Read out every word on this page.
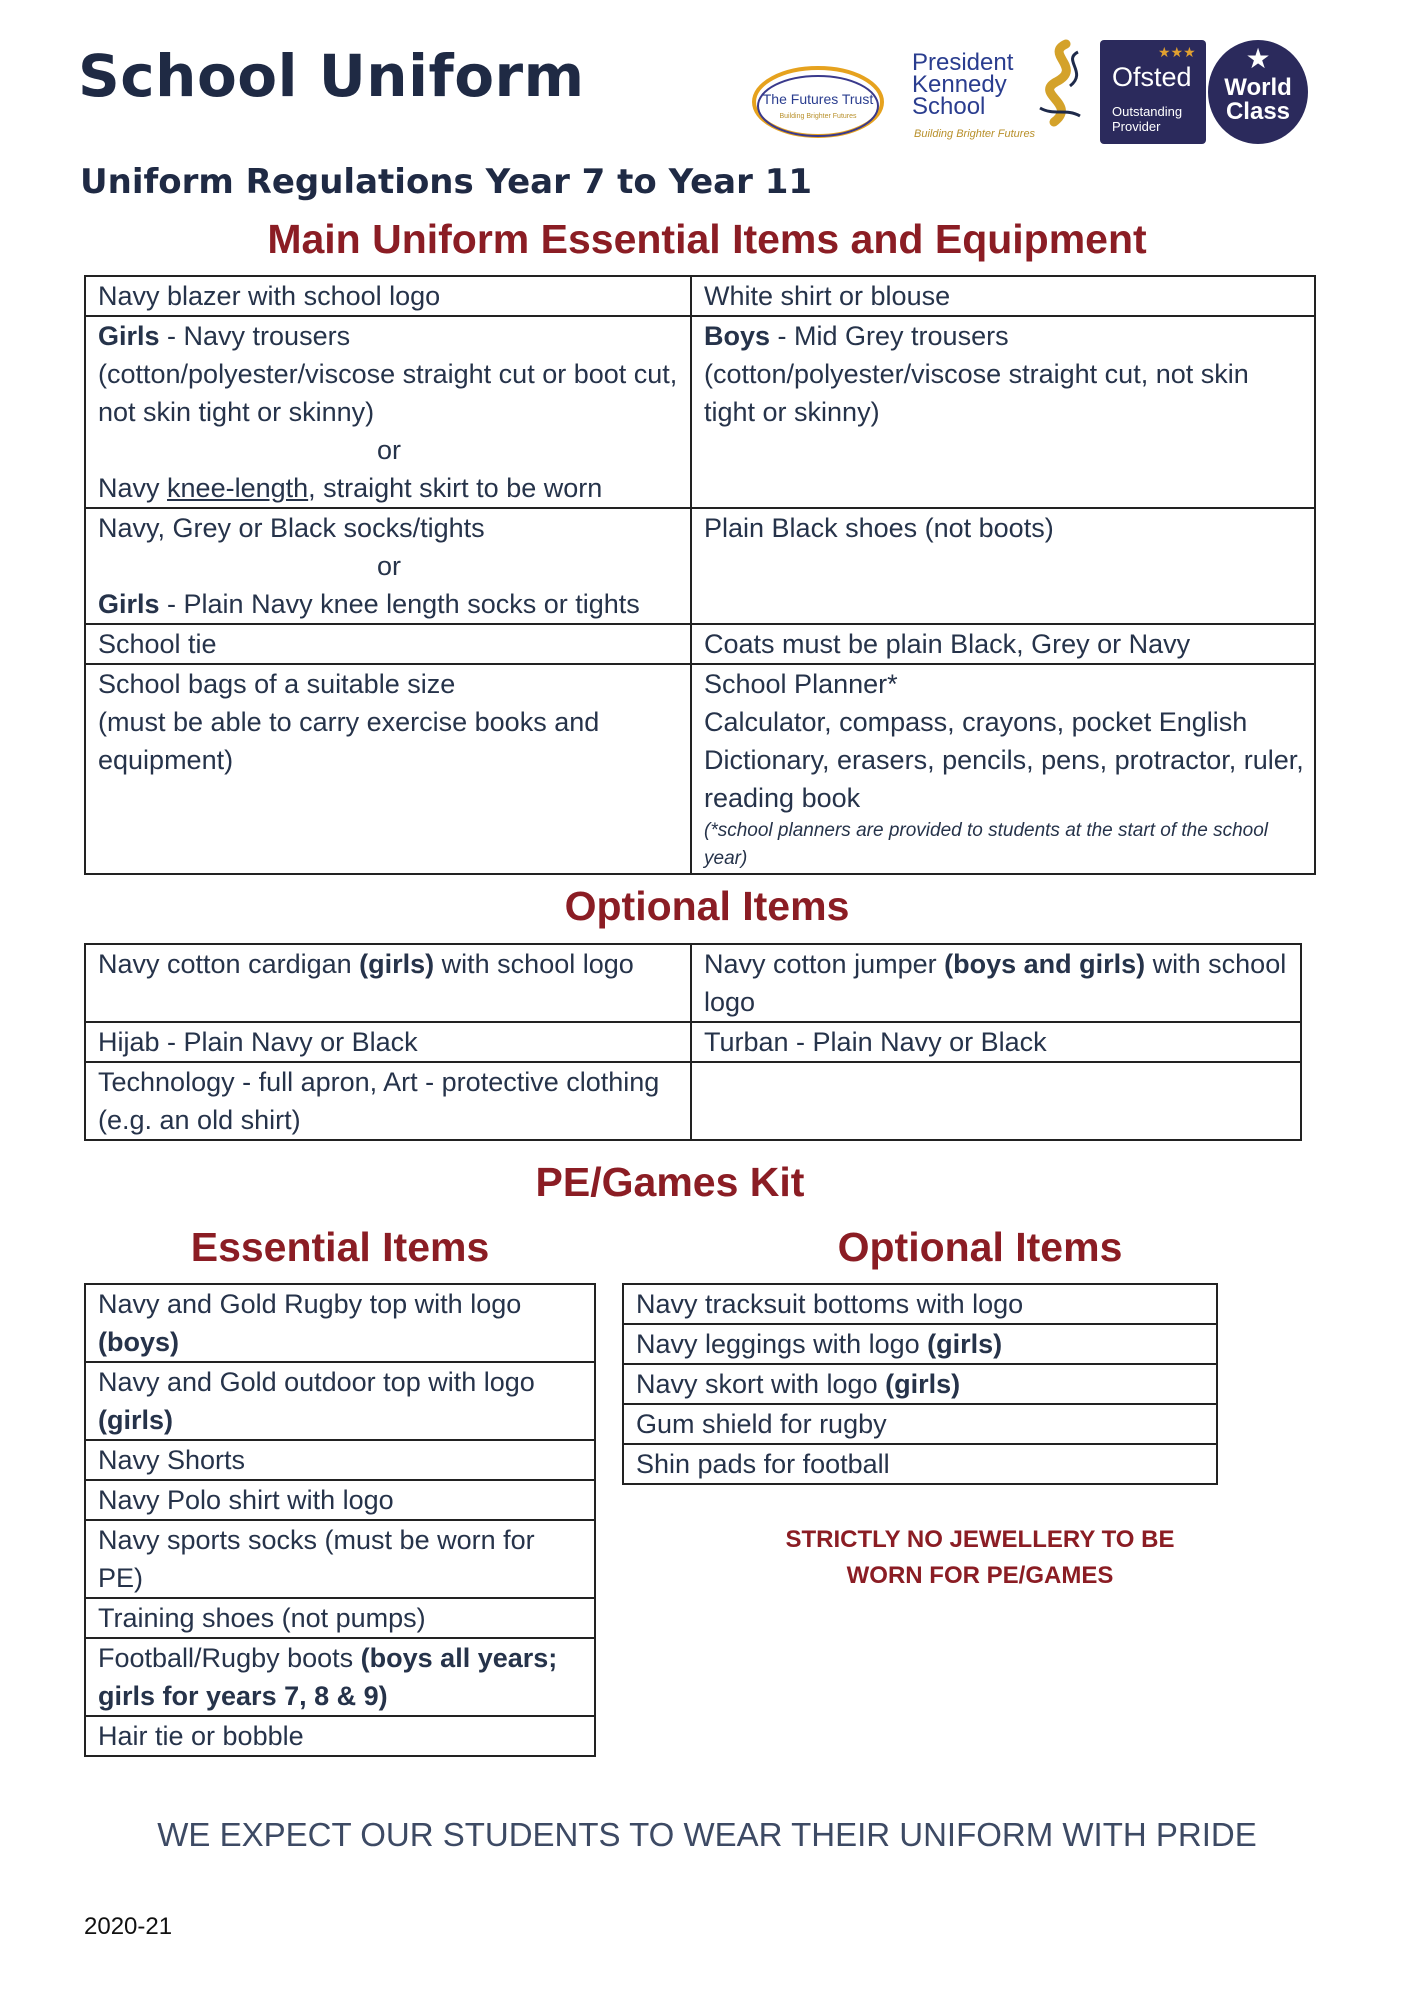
School Uniform
Uniform Regulations Year 7 to Year 11
The Futures Trust
Building Brighter Futures
President
Kennedy
School
Building Brighter Futures
★★★
Ofsted
Outstanding
Provider
★
World
Class
Main Uniform Essential Items and Equipment
Navy blazer with school logo	White shirt or blouse
Girls - Navy trousers
(cotton/polyester/viscose straight cut or boot cut, not skin tight or skinny)
or
Navy knee-length, straight skirt to be worn	Boys - Mid Grey trousers
(cotton/polyester/viscose straight cut, not skin tight or skinny)
Navy, Grey or Black socks/tights
or
Girls - Plain Navy knee length socks or tights	Plain Black shoes (not boots)
School tie	Coats must be plain Black, Grey or Navy
School bags of a suitable size
(must be able to carry exercise books and equipment)	School Planner*
Calculator, compass, crayons, pocket English Dictionary, erasers, pencils, pens, protractor, ruler, reading book
(*school planners are provided to students at the start of the school year)
Optional Items
Navy cotton cardigan (girls) with school logo	Navy cotton jumper (boys and girls) with school logo
Hijab - Plain Navy or Black	Turban - Plain Navy or Black
Technology - full apron, Art - protective clothing (e.g. an old shirt)	
PE/Games Kit
Essential Items	Optional Items
Navy and Gold Rugby top with logo (boys)
Navy and Gold outdoor top with logo (girls)
Navy Shorts
Navy Polo shirt with logo
Navy sports socks (must be worn for PE)
Training shoes (not pumps)
Football/Rugby boots (boys all years; girls for years 7, 8 & 9)
Hair tie or bobble
Navy tracksuit bottoms with logo
Navy leggings with logo (girls)
Navy skort with logo (girls)
Gum shield for rugby
Shin pads for football
STRICTLY NO JEWELLERY TO BE
WORN FOR PE/GAMES
WE EXPECT OUR STUDENTS TO WEAR THEIR UNIFORM WITH PRIDE
2020-21
